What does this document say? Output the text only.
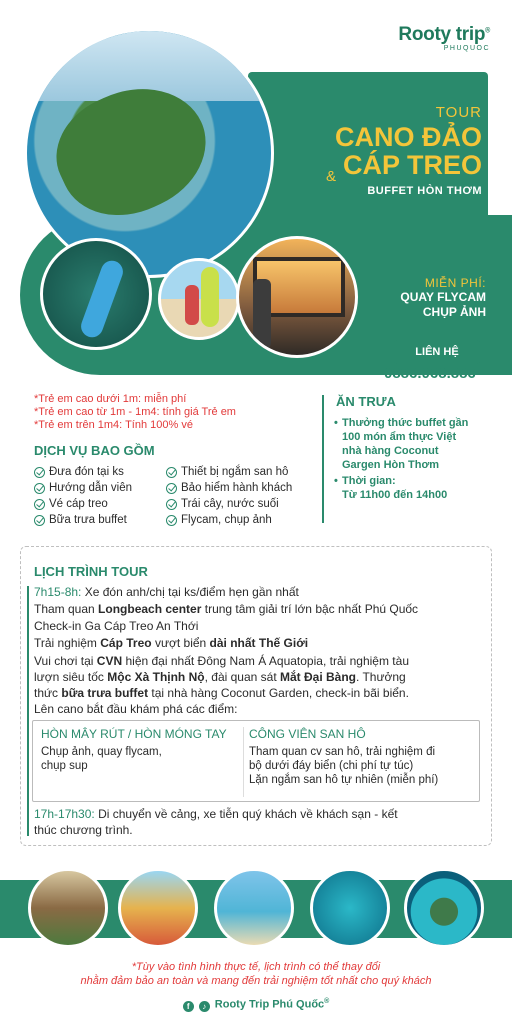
Rooty trip®
PHUQUOC
TOUR
CANO ĐẢO
& CÁP TREO
BUFFET HÒN THƠM
MIỄN PHÍ:
QUAY FLYCAM
CHỤP ẢNH
LIÊN HỆ
0886.068.886
*Trẻ em cao dưới 1m: miễn phí
*Trẻ em cao từ 1m - 1m4: tính giá Trẻ em
*Trẻ em trên 1m4: Tính 100% vé
DỊCH VỤ BAO GỒM
Đưa đón tại ks
Hướng dẫn viên
Vé cáp treo
Bữa trưa buffet
Thiết bị ngắm san hô
Bảo hiểm hành khách
Trái cây, nước suối
Flycam, chụp ảnh
ĂN TRƯA
• Thưởng thức buffet gần
100 món ẩm thực Việt
nhà hàng Coconut
Gargen Hòn Thơm
• Thời gian:
Từ 11h00 đến 14h00
LỊCH TRÌNH TOUR
7h15-8h: Xe đón anh/chị tại ks/điểm hẹn gần nhất
Tham quan Longbeach center trung tâm giải trí lớn bậc nhất Phú Quốc
Check-in Ga Cáp Treo An Thới
Trải nghiệm Cáp Treo vượt biển dài nhất Thế Giới
Vui chơi tại CVN hiện đại nhất Đông Nam Á Aquatopia, trải nghiệm tàu
lượn siêu tốc Mộc Xà Thịnh Nộ, đài quan sát Mắt Đại Bàng. Thưởng
thức bữa trưa buffet tại nhà hàng Coconut Garden, check-in bãi biển.
Lên cano bắt đầu khám phá các điểm:
HÒN MÂY RÚT / HÒN MÓNG TAY
Chụp ảnh, quay flycam,
chụp sup
CÔNG VIÊN SAN HÔ
Tham quan cv san hô, trải nghiệm đi
bộ dưới đáy biển (chi phí tự túc)
Lặn ngắm san hô tự nhiên (miễn phí)
17h-17h30: Di chuyển về cảng, xe tiễn quý khách về khách sạn - kết
thúc chương trình.
*Tùy vào tình hình thực tế, lịch trình có thể thay đổi
nhằm đảm bảo an toàn và mang đến trải nghiệm tốt nhất cho quý khách
f ♪ Rooty Trip Phú Quốc®
